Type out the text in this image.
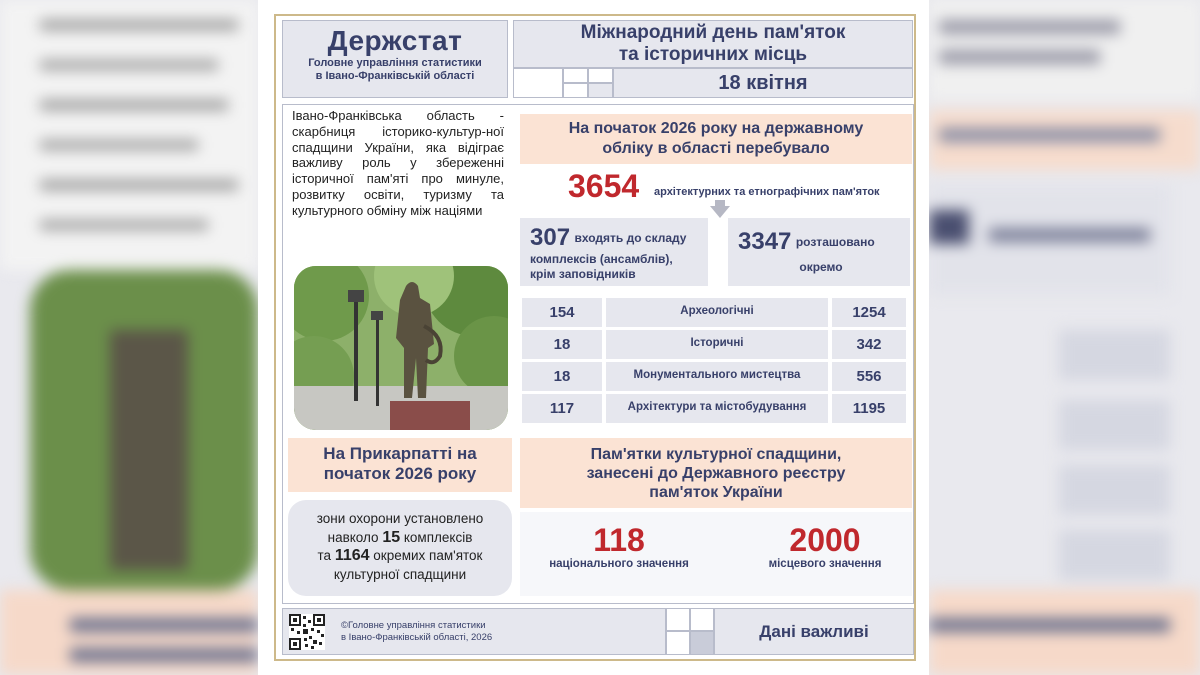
Держстат
Головне управління статистики
в Івано-Франківській області
Міжнародний день пам'яток
та історичних місць
18 квітня
Івано-Франківська область - скарбниця історико-культур-ної спадщини України, яка відіграє важливу роль у збереженні історичної пам'яті про минуле, розвитку освіти, туризму та культурного обміну між націями
На Прикарпатті на
початок 2026 року
зони охорони установлено
навколо 15 комплексів
та 1164 окремих пам'яток
культурної спадщини
На початок 2026 року на державному
обліку в області перебувало
3654 архітектурних та етнографічних пам'яток
307 входять до складу
комплексів (ансамблів),
крім заповідників
3347 розташовано
окремо
154	Археологічні	1254
18	Історичні	342
18	Монументального мистецтва	556
117	Архітектури та містобудування	1195
Пам'ятки культурної спадщини,
занесені до Державного реєстру
пам'яток України
118
національного значення
2000
місцевого значення
©Головне управління статистики
в Івано-Франківській області, 2026	Дані важливі
